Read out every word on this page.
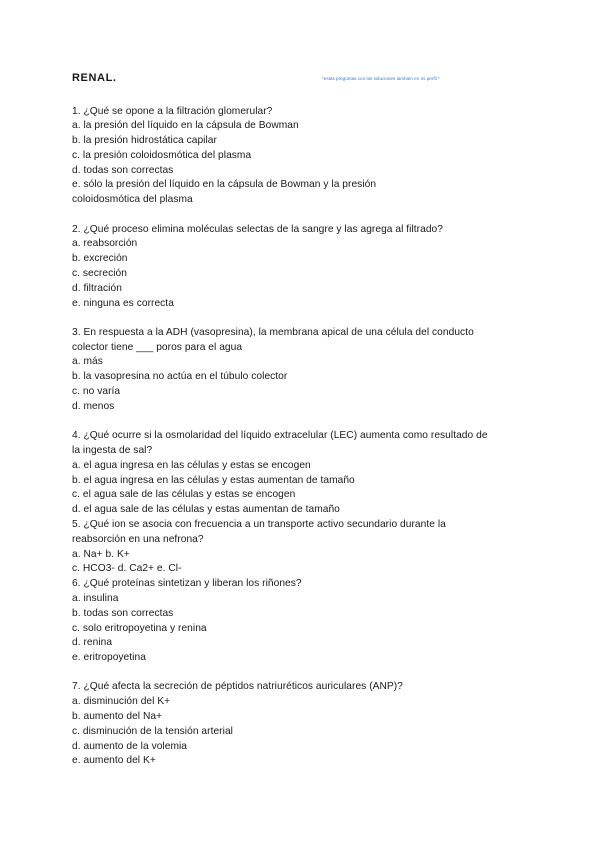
RENAL.	*estas preguntas con las soluciones también en mi perfil *
1. ¿Qué se opone a la filtración glomerular?
a. la presión del líquido en la cápsula de Bowman
b. la presión hidrostática capilar
c. la presión coloidosmótica del plasma
d. todas son correctas
e. sólo la presión del líquido en la cápsula de Bowman y la presión
coloidosmótica del plasma
2. ¿Qué proceso elimina moléculas selectas de la sangre y las agrega al filtrado?
a. reabsorción
b. excreción
c. secreción
d. filtración
e. ninguna es correcta
3. En respuesta a la ADH (vasopresina), la membrana apical de una célula del conducto
colector tiene ___ poros para el agua
a. más
b. la vasopresina no actúa en el túbulo colector
c. no varía
d. menos
4. ¿Qué ocurre si la osmolaridad del líquido extracelular (LEC) aumenta como resultado de
la ingesta de sal?
a. el agua ingresa en las células y estas se encogen
b. el agua ingresa en las células y estas aumentan de tamaño
c. el agua sale de las células y estas se encogen
d. el agua sale de las células y estas aumentan de tamaño
5. ¿Qué ion se asocia con frecuencia a un transporte activo secundario durante la
reabsorción en una nefrona?
a. Na+ b. K+
c. HCO3- d. Ca2+ e. Cl-
6. ¿Qué proteínas sintetizan y liberan los riñones?
a. insulina
b. todas son correctas
c. solo eritropoyetina y renina
d. renina
e. eritropoyetina
7. ¿Qué afecta la secreción de péptidos natriuréticos auriculares (ANP)?
a. disminución del K+
b. aumento del Na+
c. disminución de la tensión arterial
d. aumento de la volemia
e. aumento del K+
